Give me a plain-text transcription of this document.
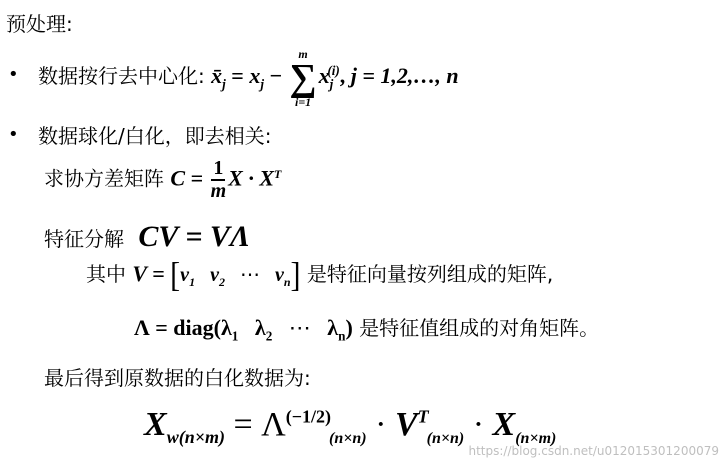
预处理:
• 数据按行去中心化: $x̄_j = x_j$ −
m
∑
i=1
$x_j^{(i)}$, j = 1,2,…, n
• 数据球化/白化，即去相关:
求协方差矩阵 $C = \frac{1}{m}$ $X \cdot X^T$
特征分解 CV = VΛ
其中 $V = [v_1$ $v_2$ ⋯ $v_n$] 是特征向量按列组成的矩阵,
$\Lambda = diag(\lambda_1$ $\lambda_2$ ⋯ $\lambda_n$) 是特征值组成的对角矩阵。
最后得到原数据的白化数据为:
$X_{w(n\times m)} = \Lambda^{(-1/2)}_{(n\times n)} \cdot V^T_{(n\times n)} \cdot X_{(n\times m)}$
https://blog.csdn.net/u012015301200079
